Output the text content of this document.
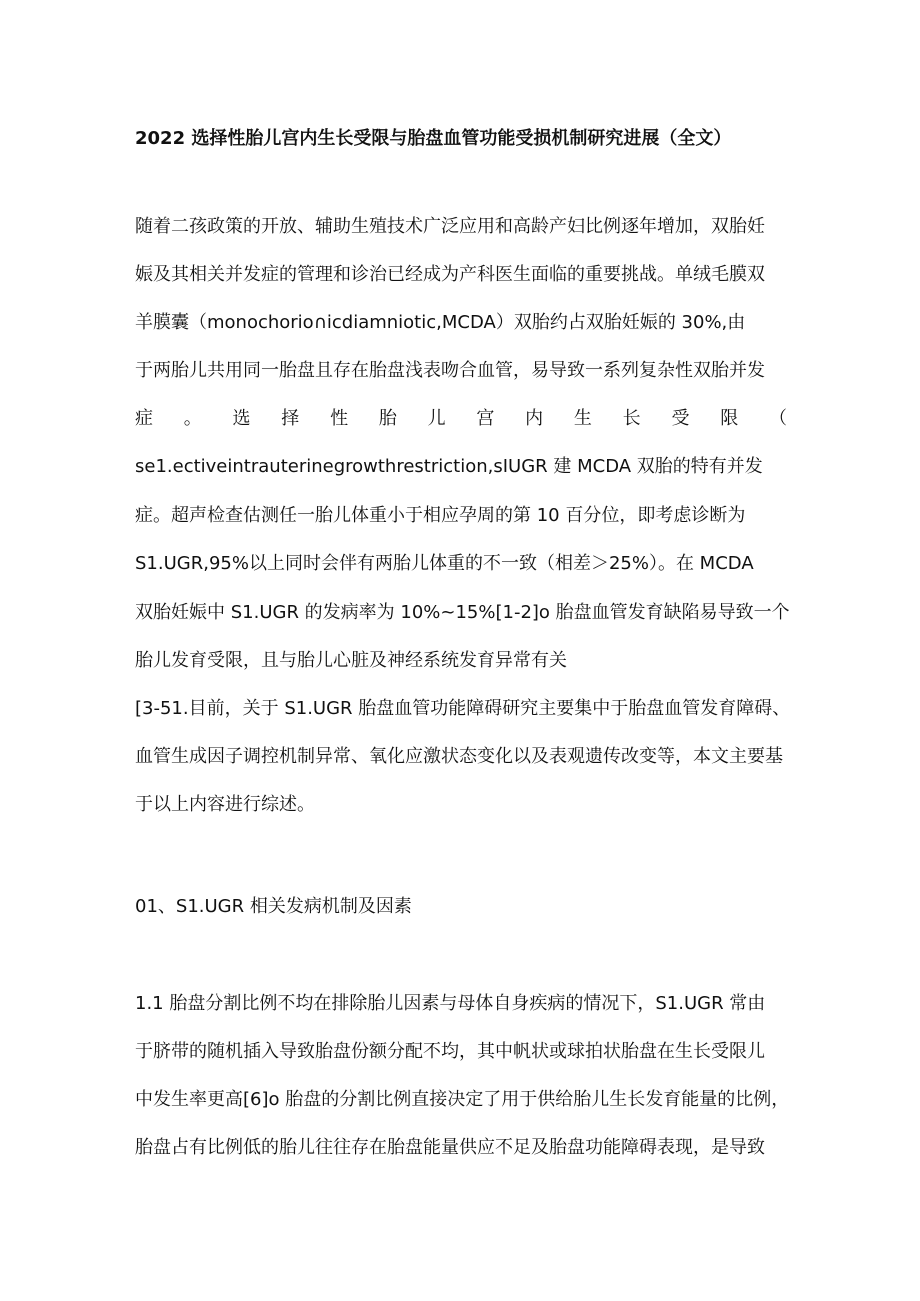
2022 选择性胎儿宫内生长受限与胎盘血管功能受损机制研究进展（全文）
随着二孩政策的开放、辅助生殖技术广泛应用和高龄产妇比例逐年增加，双胎妊
娠及其相关并发症的管理和诊治已经成为产科医生面临的重要挑战。单绒毛膜双
羊膜囊（monochorio∩icdiamniotic,MCDA）双胎约占双胎妊娠的 30%,由
于两胎儿共用同一胎盘且存在胎盘浅表吻合血管，易导致一系列复杂性双胎并发
症 。 选 择 性 胎 儿 宫 内 生 长 受 限 （
se1.ectiveintrauterinegrowthrestriction,sIUGR 建 MCDA 双胎的特有并发
症。超声检查估测任一胎儿体重小于相应孕周的第 10 百分位，即考虑诊断为
S1.UGR,95%以上同时会伴有两胎儿体重的不一致（相差＞25%）。在 MCDA
双胎妊娠中 S1.UGR 的发病率为 10%~15%[1-2]o 胎盘血管发育缺陷易导致一个
胎儿发育受限，且与胎儿心脏及神经系统发育异常有关
[3-51.目前，关于 S1.UGR 胎盘血管功能障碍研究主要集中于胎盘血管发育障碍、
血管生成因子调控机制异常、氧化应激状态变化以及表观遗传改变等，本文主要基
于以上内容进行综述。
01、S1.UGR 相关发病机制及因素
1.1 胎盘分割比例不均在排除胎儿因素与母体自身疾病的情况下，S1.UGR 常由
于脐带的随机插入导致胎盘份额分配不均，其中帆状或球拍状胎盘在生长受限儿
中发生率更高[6]o 胎盘的分割比例直接决定了用于供给胎儿生长发育能量的比例，
胎盘占有比例低的胎儿往往存在胎盘能量供应不足及胎盘功能障碍表现，是导致
